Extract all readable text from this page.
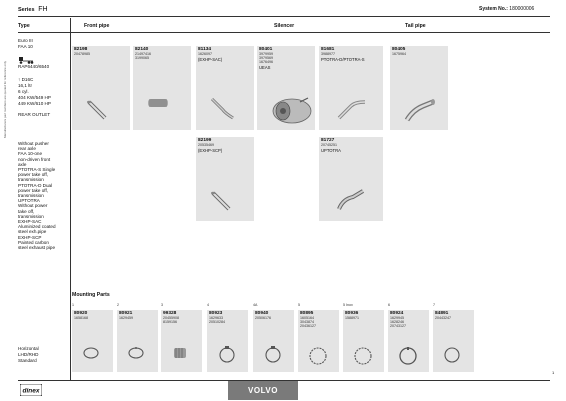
Manufacturers part numbers are quoted for reference only
Series FH	System No.: 180000006
Type	Front pipe	Silencer	Tail pipe
Euro III
FAA 10
RAP6440/6540
↑ D16C
16,1 ltr
6 cyl.
404 KW/549 HP
449 KW/610 HP
REAR OUTLET
Without pusher
rear axle
FAA 10-one
non-driven front
axle
PTOTRA-S Single
power take off,
transmission
PTOTRA-D Dual
power take off,
transmission
UPTOTRA
Without power
take off,
transmission
EXHP-SAC
Aluminized coated
steel exh.pipe
EXHP-SCP
Painted carbon
steel exhaust pipe
Horizontal
LHD/RHD
Standard
82198
20478985
82140
21497416
3199065
81134
1626097
(EXHP-SAC)
80401
3979959
3979569
1676496
UEAS
81681
3988977
PTOTRA-D/PTOTRA-S
80405
1675964
82199
20535469
(EXHP-SCP)
81727
20745251
UPTOTRA
Mounting Parts
1
80920
1658168
2
80921
1629459
3
99328
20455908
8159156
4
80923
1629633
20510284
4A
80940
20506176
5
80895
1605164
3043874
20436127
5 Inox
80936
1588971
6
80924
1629945
1628246
20743127
7
84891
20443247
dinex	VOLVO
1
